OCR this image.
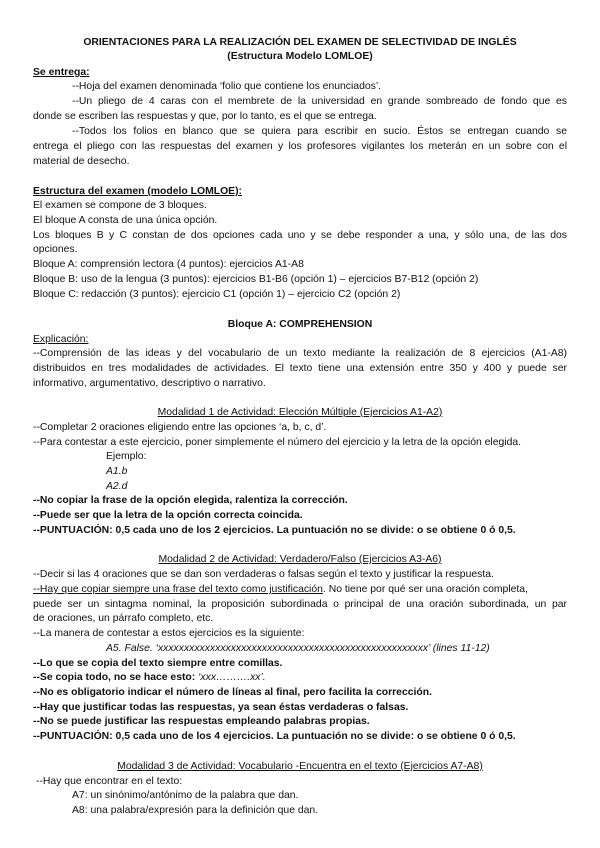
ORIENTACIONES PARA LA REALIZACIÓN DEL EXAMEN DE SELECTIVIDAD DE INGLÉS
(Estructura Modelo LOMLOE)
Se entrega:
--Hoja del examen denominada ‘folio que contiene los enunciados’.
--Un pliego de 4 caras con el membrete de la universidad en grande sombreado de fondo que es
donde se escriben las respuestas y que, por lo tanto, es el que se entrega.
--Todos los folios en blanco que se quiera para escribir en sucio. Éstos se entregan cuando se
entrega el pliego con las respuestas del examen y los profesores vigilantes los meterán en un sobre con el
material de desecho.
Estructura del examen (modelo LOMLOE):
El examen se compone de 3 bloques.
El bloque A consta de una única opción.
Los bloques B y C constan de dos opciones cada uno y se debe responder a una, y sólo una, de las dos
opciones.
Bloque A: comprensión lectora (4 puntos): ejercicios A1-A8
Bloque B: uso de la lengua (3 puntos): ejercicios B1-B6 (opción 1) – ejercicios B7-B12 (opción 2)
Bloque C: redacción (3 puntos): ejercicio C1 (opción 1) – ejercicio C2 (opción 2)
Bloque A: COMPREHENSION
Explicación:
--Comprensión de las ideas y del vocabulario de un texto mediante la realización de 8 ejercicios (A1-A8)
distribuidos en tres modalidades de actividades. El texto tiene una extensión entre 350 y 400 y puede ser
informativo, argumentativo, descriptivo o narrativo.
Modalidad 1 de Actividad: Elección Múltiple (Ejercicios A1-A2)
--Completar 2 oraciones eligiendo entre las opciones ‘a, b, c, d’.
--Para contestar a este ejercicio, poner simplemente el número del ejercicio y la letra de la opción elegida.
Ejemplo:
A1.b
A2.d
--No copiar la frase de la opción elegida, ralentiza la corrección.
--Puede ser que la letra de la opción correcta coincida.
--PUNTUACIÓN: 0,5 cada uno de los 2 ejercicios. La puntuación no se divide: o se obtiene 0 ó 0,5.
Modalidad 2 de Actividad: Verdadero/Falso (Ejercicios A3-A6)
--Decir si las 4 oraciones que se dan son verdaderas o falsas según el texto y justificar la respuesta.
--Hay que copiar siempre una frase del texto como justificación. No tiene por qué ser una oración completa,
puede ser un sintagma nominal, la proposición subordinada o principal de una oración subordinada, un par
de oraciones, un párrafo completo, etc.
--La manera de contestar a estos ejercicios es la siguiente:
A5. False. ‘xxxxxxxxxxxxxxxxxxxxxxxxxxxxxxxxxxxxxxxxxxxxxxxxxxxx’ (lines 11-12)
--Lo que se copia del texto siempre entre comillas.
--Se copia todo, no se hace esto: ‘xxx……….xx’.
--No es obligatorio indicar el número de líneas al final, pero facilita la corrección.
--Hay que justificar todas las respuestas, ya sean éstas verdaderas o falsas.
--No se puede justificar las respuestas empleando palabras propias.
--PUNTUACIÓN: 0,5 cada uno de los 4 ejercicios. La puntuación no se divide: o se obtiene 0 ó 0,5.
Modalidad 3 de Actividad: Vocabulario -Encuentra en el texto (Ejercicios A7-A8)
--Hay que encontrar en el texto:
A7: un sinónimo/antónimo de la palabra que dan.
A8: una palabra/expresión para la definición que dan.
